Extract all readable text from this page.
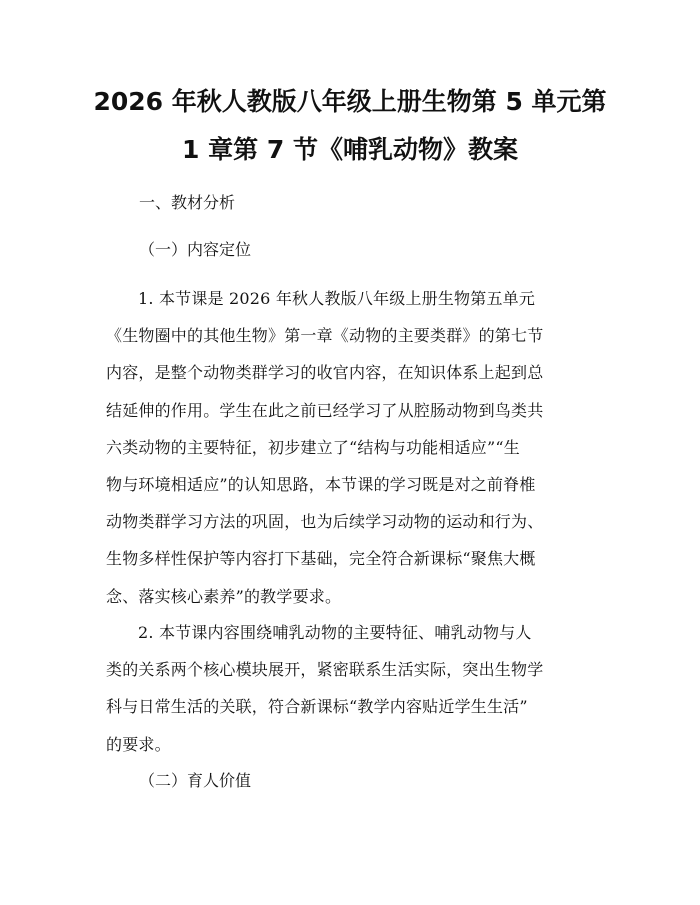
2026 年秋人教版八年级上册生物第 5 单元第
1 章第 7 节《哺乳动物》教案
一、教材分析
（一）内容定位
1. 本节课是 2026 年秋人教版八年级上册生物第五单元
《生物圈中的其他生物》第一章《动物的主要类群》的第七节
内容，是整个动物类群学习的收官内容，在知识体系上起到总
结延伸的作用。学生在此之前已经学习了从腔肠动物到鸟类共
六类动物的主要特征，初步建立了“结构与功能相适应”“生
物与环境相适应”的认知思路，本节课的学习既是对之前脊椎
动物类群学习方法的巩固，也为后续学习动物的运动和行为、
生物多样性保护等内容打下基础，完全符合新课标“聚焦大概
念、落实核心素养”的教学要求。
2. 本节课内容围绕哺乳动物的主要特征、哺乳动物与人
类的关系两个核心模块展开，紧密联系生活实际，突出生物学
科与日常生活的关联，符合新课标“教学内容贴近学生生活”
的要求。
（二）育人价值
